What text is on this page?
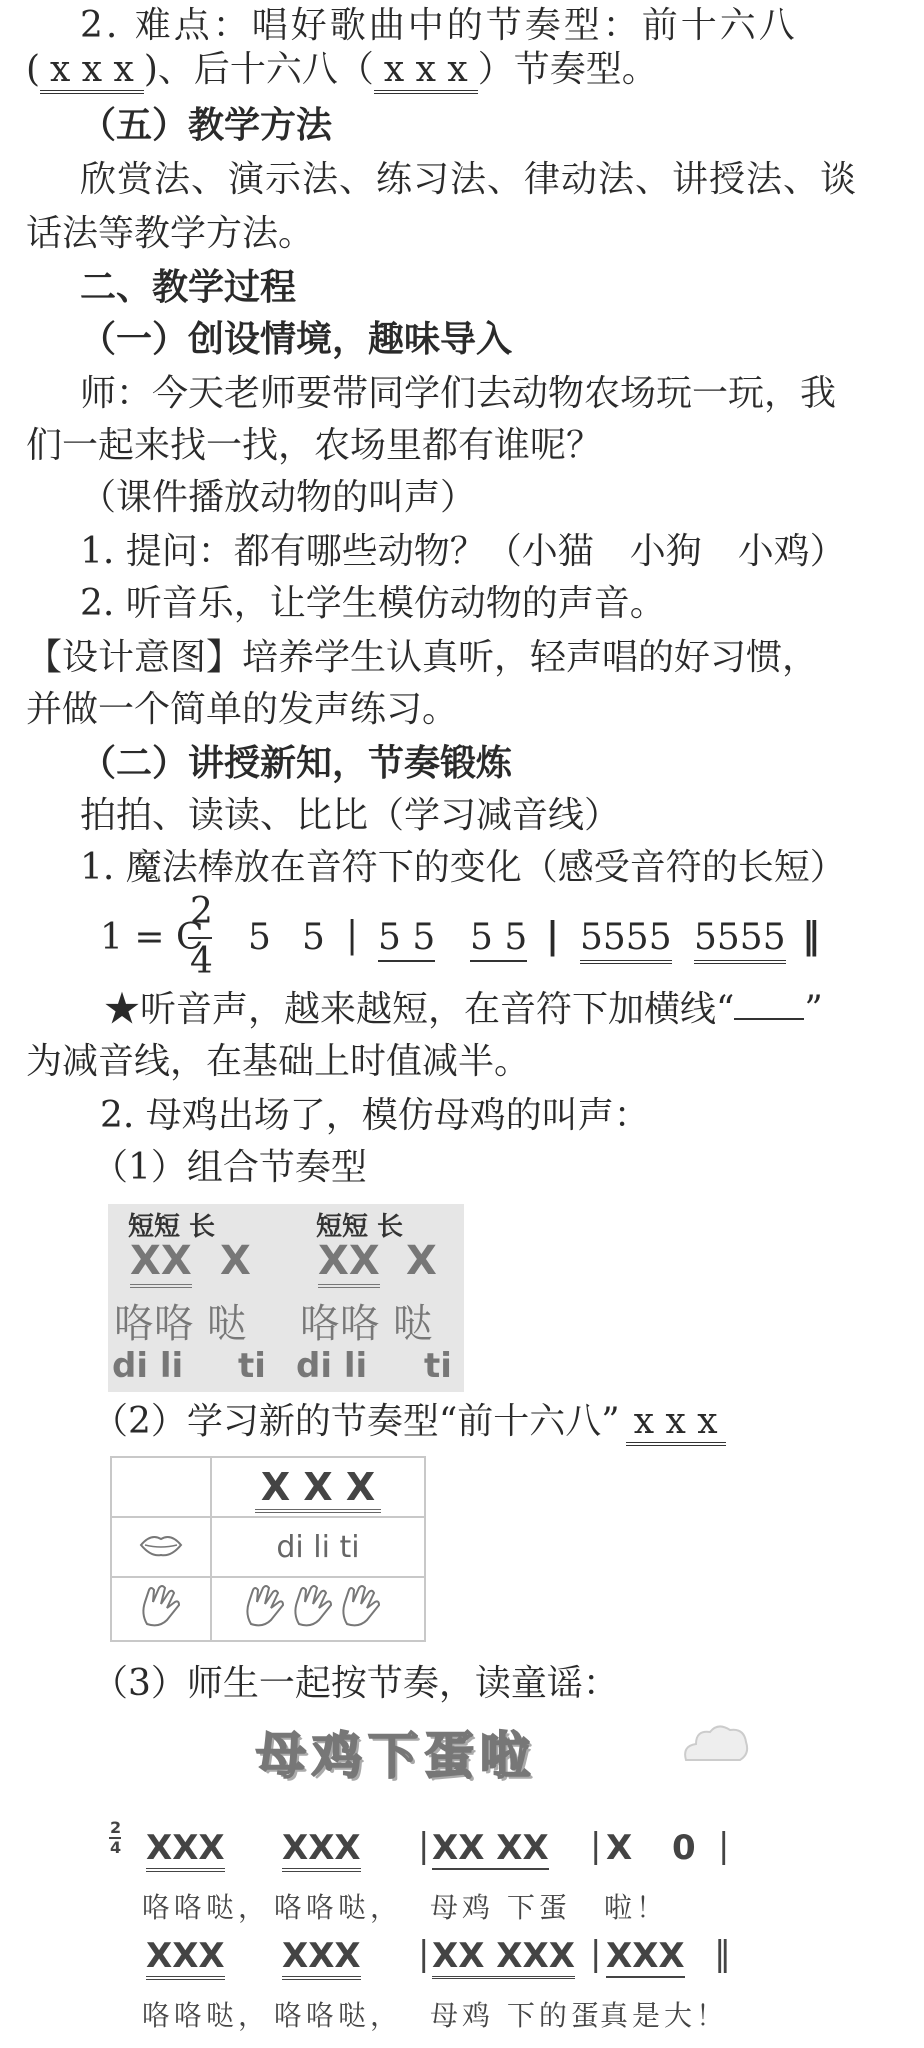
2. 难点：唱好歌曲中的节奏型：前十六八
( x x x )、后十六八（ x x x ）节奏型。
（五）教学方法
欣赏法、演示法、练习法、律动法、讲授法、谈
话法等教学方法。
二、教学过程
（一）创设情境，趣味导入
师：今天老师要带同学们去动物农场玩一玩，我
们一起来找一找，农场里都有谁呢？
（课件播放动物的叫声）
1. 提问：都有哪些动物？（小猫　小狗　小鸡）
2. 听音乐，让学生模仿动物的声音。
【设计意图】培养学生认真听，轻声唱的好习惯，
并做一个简单的发声练习。
（二）讲授新知，节奏锻炼
拍拍、读读、比比（学习减音线）
1. 魔法棒放在音符下的变化（感受音符的长短）
1 = C
2
4
5 5 | 5 5 5 5 | 5555 5555 ‖
★听音声，越来越短，在音符下加横线“ ”
为减音线，在基础上时值减半。
2. 母鸡出场了，模仿母鸡的叫声：
（1）组合节奏型
短短 长	短短 长
XX X XX X
咯咯 哒 咯咯 哒
di li ti di li ti
（2）学习新的节奏型“前十六八” x x x
	X X X
	di li ti

（3）师生一起按节奏，读童谣：
母鸡下蛋啦
2
4 XXX XXX | XX XX | X 0 |
咯咯哒， 咯咯哒， 母鸡 下蛋 啦！
XXX XXX | XX XXX | XXX ‖
咯咯哒， 咯咯哒， 母鸡 下的蛋
真是大！
